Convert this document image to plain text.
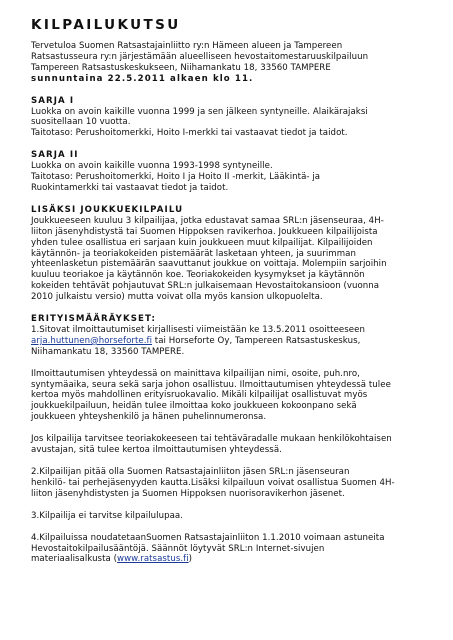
KILPAILUKUTSU

Tervetuloa Suomen Ratsastajainliitto ry:n Hämeen alueen ja Tampereen
Ratsastusseura ry:n järjestämään alueelliseen hevostaitomestaruuskilpailuun
Tampereen Ratsastuskeskukseen, Niihamankatu 18, 33560 TAMPERE
sunnuntaina 22.5.2011 alkaen klo 11.

SARJA I
Luokka on avoin kaikille vuonna 1999 ja sen jälkeen syntyneille. Alaikärajaksi
suositellaan 10 vuotta.
Taitotaso: Perushoitomerkki, Hoito I-merkki tai vastaavat tiedot ja taidot.

SARJA II
Luokka on avoin kaikille vuonna 1993-1998 syntyneille.
Taitotaso: Perushoitomerkki, Hoito I ja Hoito II -merkit, Lääkintä- ja
Ruokintamerkki tai vastaavat tiedot ja taidot.

LISÄKSI JOUKKUEKILPAILU
Joukkueeseen kuuluu 3 kilpailijaa, jotka edustavat samaa SRL:n jäsenseuraa, 4H-
liiton jäsenyhdistystä tai Suomen Hippoksen ravikerhoa. Joukkueen kilpailijoista
yhden tulee osallistua eri sarjaan kuin joukkueen muut kilpailijat. Kilpailijoiden
käytännön- ja teoriakokeiden pistemäärät lasketaan yhteen, ja suurimman
yhteenlasketun pistemäärän saavuttanut joukkue on voittaja. Molempiin sarjoihin
kuuluu teoriakoe ja käytännön koe. Teoriakokeiden kysymykset ja käytännön
kokeiden tehtävät pohjautuvat SRL:n julkaisemaan Hevostaitokansioon (vuonna
2010 julkaistu versio) mutta voivat olla myös kansion ulkopuolelta.

ERITYISMÄÄRÄYKSET:
1.Sitovat ilmoittautumiset kirjallisesti viimeistään ke 13.5.2011 osoitteeseen
arja.huttunen@horseforte.fi tai Horseforte Oy, Tampereen Ratsastuskeskus,
Niihamankatu 18, 33560 TAMPERE.

Ilmoittautumisen yhteydessä on mainittava kilpailijan nimi, osoite, puh.nro,
syntymäaika, seura sekä sarja johon osallistuu. Ilmoittautumisen yhteydessä tulee
kertoa myös mahdollinen erityisruokavalio. Mikäli kilpailijat osallistuvat myös
joukkuekilpailuun, heidän tulee ilmoittaa koko joukkueen kokoonpano sekä
joukkueen yhteyshenkilö ja hänen puhelinnumeronsa.

Jos kilpailija tarvitsee teoriakokeeseen tai tehtäväradalle mukaan henkilökohtaisen
avustajan, sitä tulee kertoa ilmoittautumisen yhteydessä.

2.Kilpailijan pitää olla Suomen Ratsastajainliiton jäsen SRL:n jäsenseuran
henkilö- tai perhejäsenyyden kautta.Lisäksi kilpailuun voivat osallistua Suomen 4H-
liiton jäsenyhdistysten ja Suomen Hippoksen nuorisoravikerhon jäsenet.

3.Kilpailija ei tarvitse kilpailulupaa.

4.Kilpailuissa noudatetaanSuomen Ratsastajainliiton 1.1.2010 voimaan astuneita
Hevostaitokilpailusääntöjä. Säännöt löytyvät SRL:n Internet-sivujen
materiaalisalkusta (www.ratsastus.fi)
